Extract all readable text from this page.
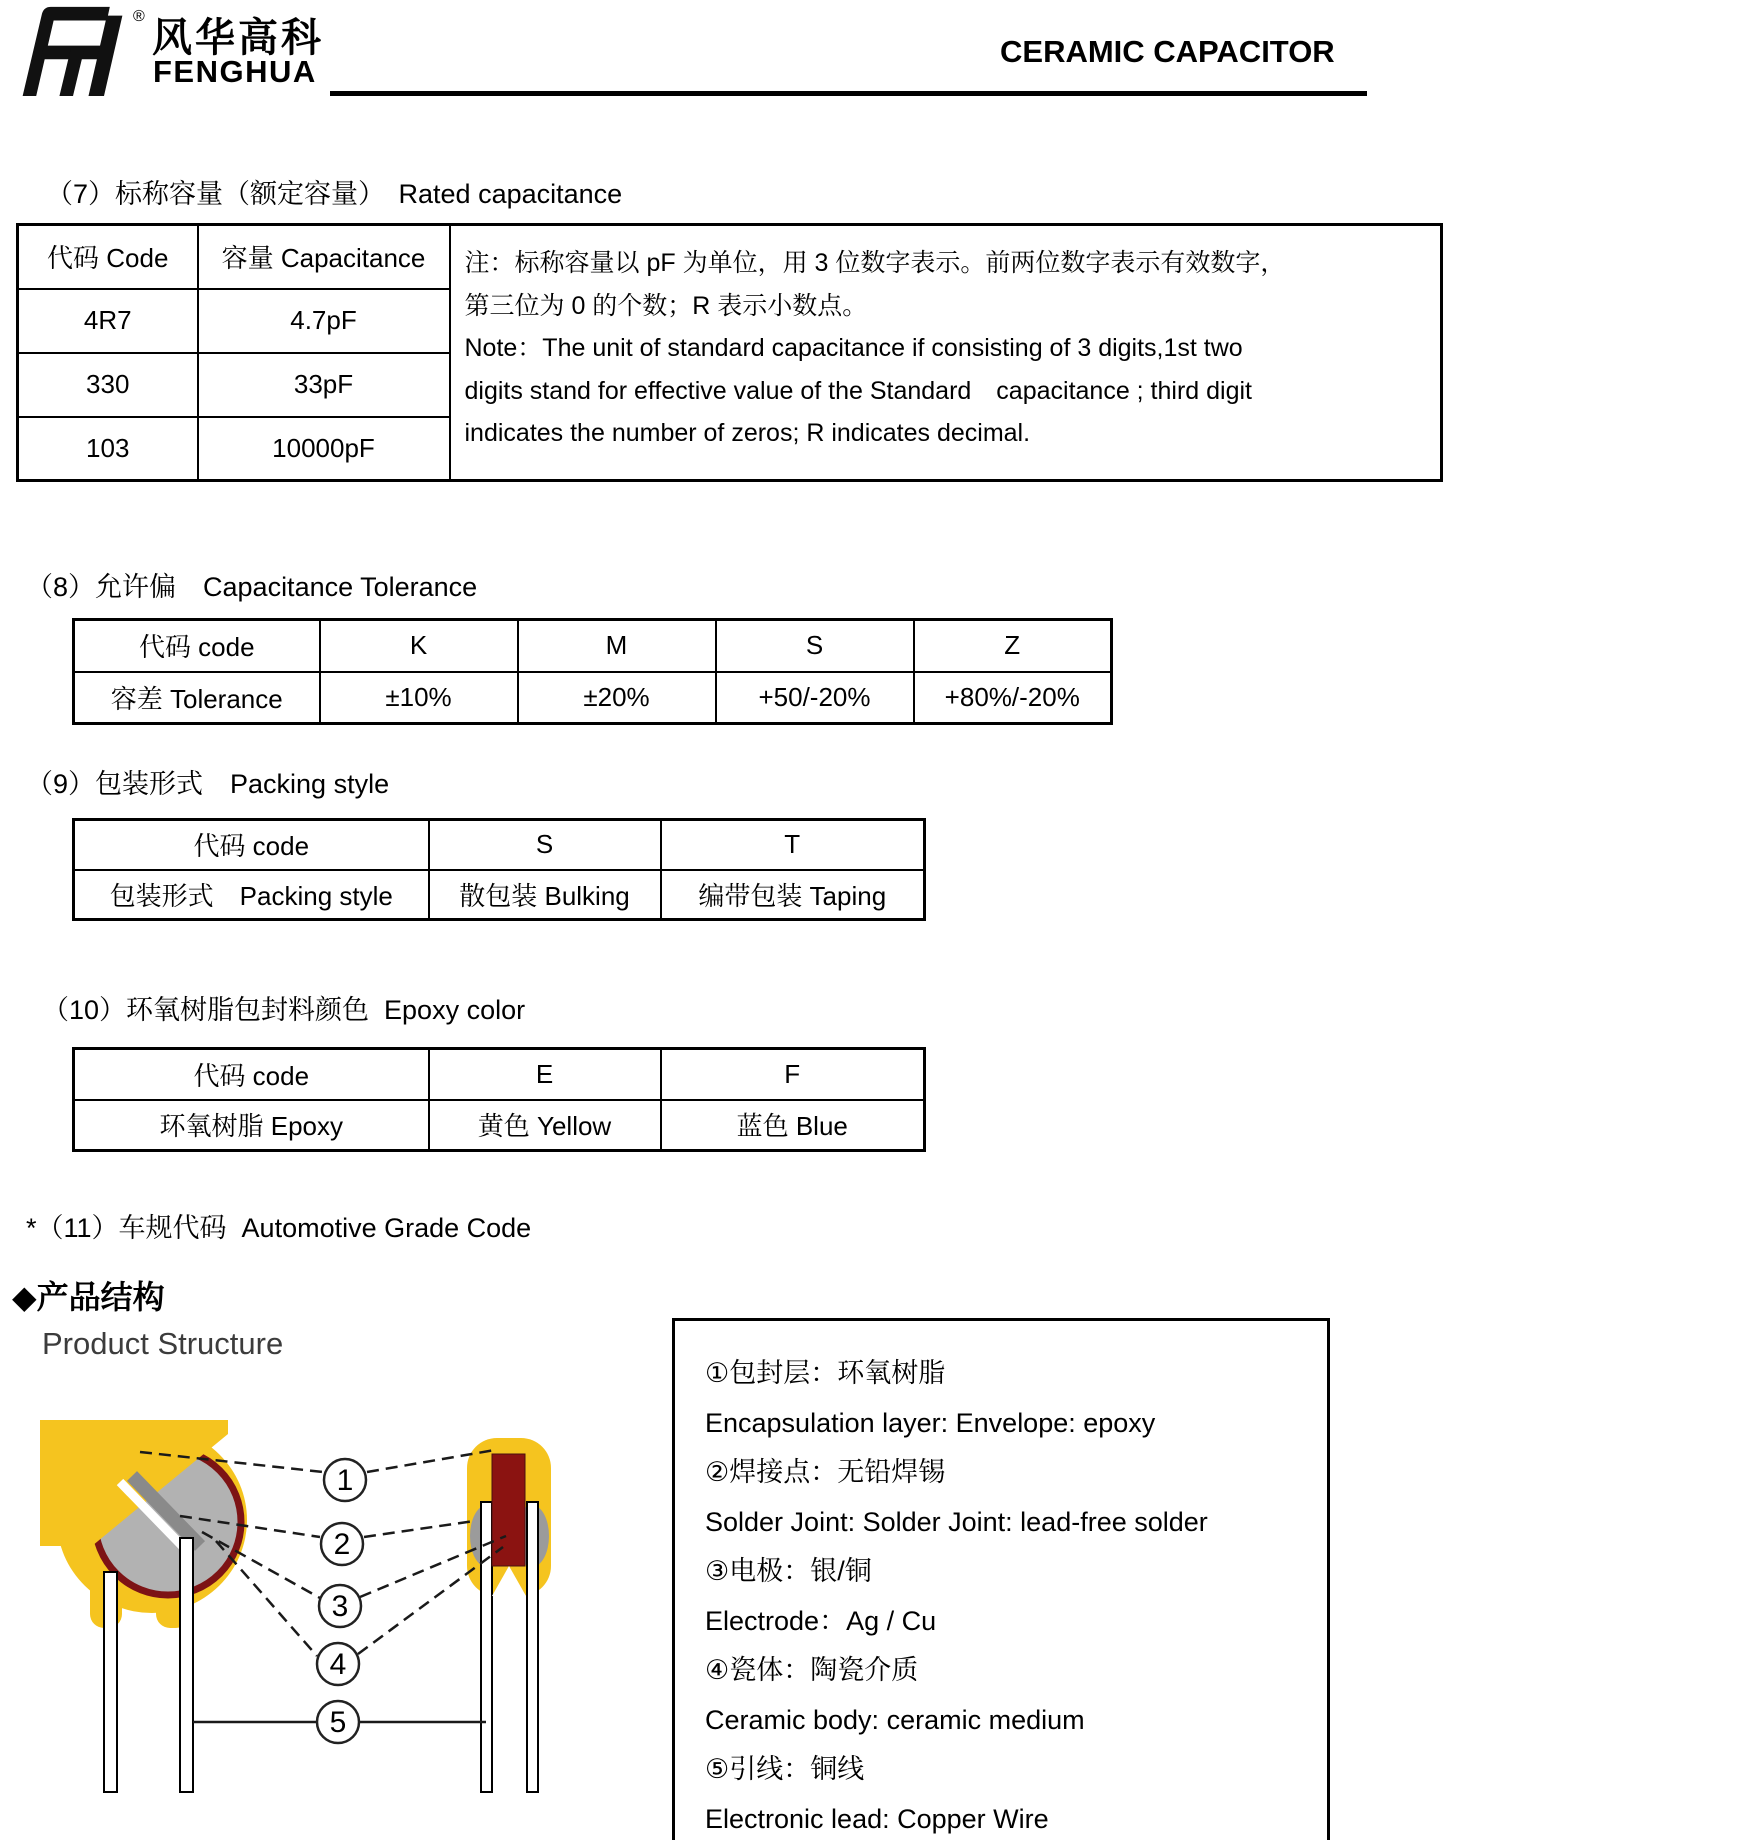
® 风华高科
FENGHUA
CERAMIC CAPACITOR
（7）标称容量（额定容量）　Rated capacitance
代码 Code	容量 Capacitance	注：标称容量以 pF 为单位，用 3 位数字表示。前两位数字表示有效数字，
第三位为 0 的个数；R 表示小数点。
Note：The unit of standard capacitance if consisting of 3 digits,1st two
digits stand for effective value of the Standard　capacitance ; third digit
indicates the number of zeros; R indicates decimal.

4R7	4.7pF	
330	33pF	
103	10000pF	
（8）允许偏　Capacitance Tolerance
代码 code	K	M	S	Z
容差 Tolerance	±10%	±20%	+50/-20%	+80%/-20%
（9）包装形式　Packing style
代码 code	S	T
包装形式　Packing style	散包装 Bulking	编带包装 Taping
（10）环氧树脂包封料颜色  Epoxy color
代码 code	E	F
环氧树脂 Epoxy	黄色 Yellow	蓝色 Blue
*（11）车规代码  Automotive Grade Code
◆产品结构
Product Structure
1
2
3
4
5
①包封层：环氧树脂
Encapsulation layer: Envelope: epoxy
②焊接点：无铅焊锡
Solder Joint: Solder Joint: lead-free solder
③电极：银/铜
Electrode：Ag / Cu
④瓷体：陶瓷介质
Ceramic body: ceramic medium
⑤引线：铜线
Electronic lead: Copper Wire
